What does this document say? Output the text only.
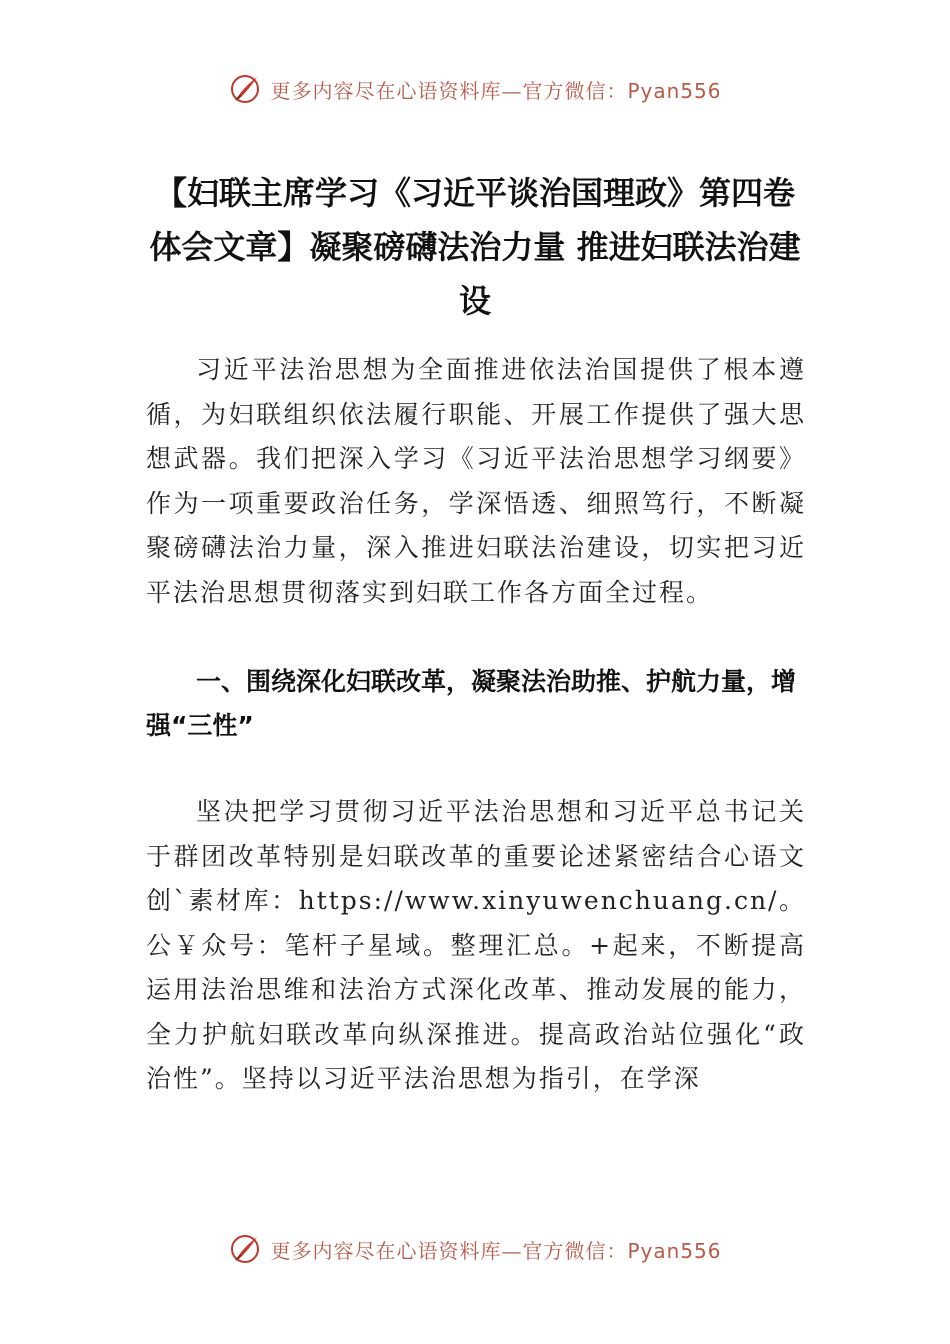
更多内容尽在心语资料库—官方微信：Pyan556
【妇联主席学习《习近平谈治国理政》第四卷体会文章】凝聚磅礴法治力量 推进妇联法治建设

习近平法治思想为全面推进依法治国提供了根本遵循，为妇联组织依法履行职能、开展工作提供了强大思想武器。我们把深入学习《习近平法治思想学习纲要》作为一项重要政治任务，学深悟透、细照笃行，不断凝聚磅礴法治力量，深入推进妇联法治建设，切实把习近平法治思想贯彻落实到妇联工作各方面全过程。

一、围绕深化妇联改革，凝聚法治助推、护航力量，增强“三性”

坚决把学习贯彻习近平法治思想和习近平总书记关于群团改革特别是妇联改革的重要论述紧密结合心语文创`素材库：https://www.xinyuwenchuang.cn/。公￥众号：笔杆子星域。整理汇总。+起来，不断提高运用法治思维和法治方式深化改革、推动发展的能力，全力护航妇联改革向纵深推进。提高政治站位强化“政治性”。坚持以习近平法治思想为指引，在学深

更多内容尽在心语资料库—官方微信：Pyan556
